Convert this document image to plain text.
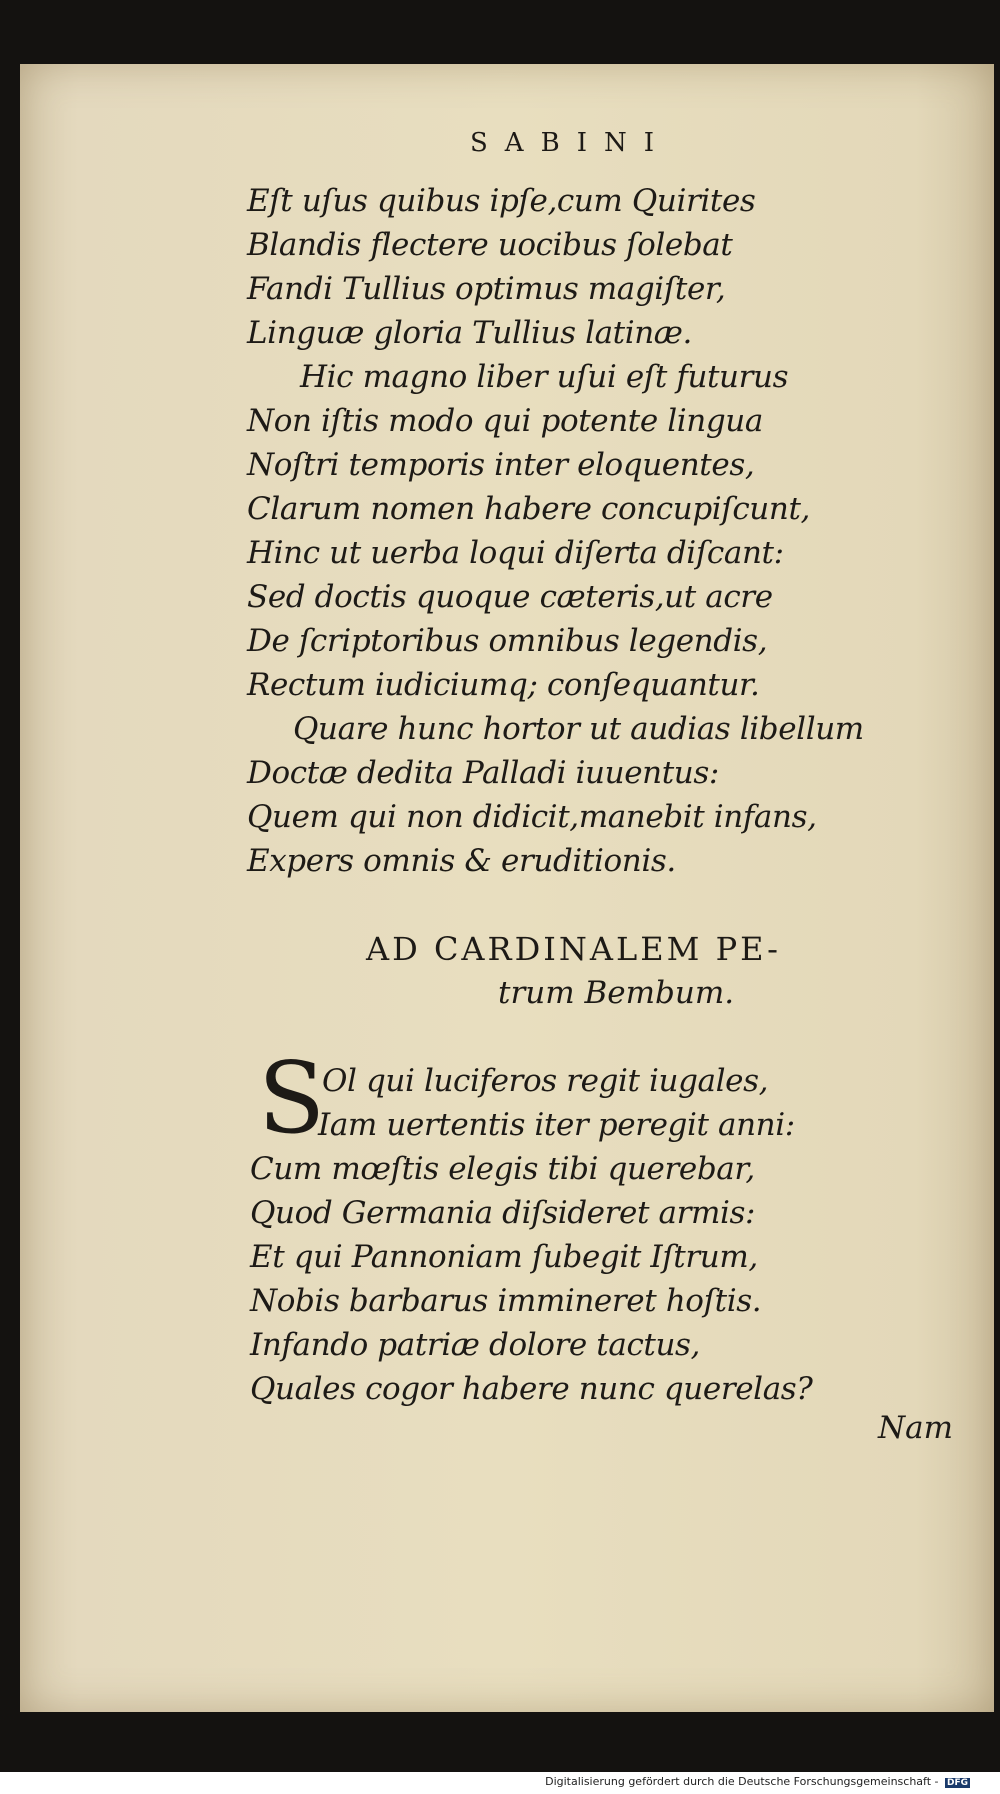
SABINI
Eſt uſus quibus ipſe,cum Quirites
Blandis flectere uocibus ſolebat
Fandi Tullius optimus magiſter,
Linguæ gloria Tullius latinæ.
Hic magno liber uſui eſt futurus
Non iſtis modo qui potente lingua
Noſtri temporis inter eloquentes,
Clarum nomen habere concupiſcunt,
Hinc ut uerba loqui diſerta diſcant:
Sed doctis quoque cæteris,ut acre
De ſcriptoribus omnibus legendis,
Rectum iudiciumq; conſequantur.
Quare hunc hortor ut audias libellum
Doctæ dedita Palladi iuuentus:
Quem qui non didicit,manebit infans,
Expers omnis & eruditionis.
AD CARDINALEM PE-
trum Bembum.
S
Ol qui luciferos regit iugales,
Iam uertentis iter peregit anni:
Cum mœſtis elegis tibi querebar,
Quod Germania diſsideret armis:
Et qui Pannoniam ſubegit Iſtrum,
Nobis barbarus immineret hoſtis.
Infando patriæ dolore tactus,
Quales cogor habere nunc querelas?
Nam
Digitalisierung gefördert durch die Deutsche Forschungsgemeinschaft - DFG
